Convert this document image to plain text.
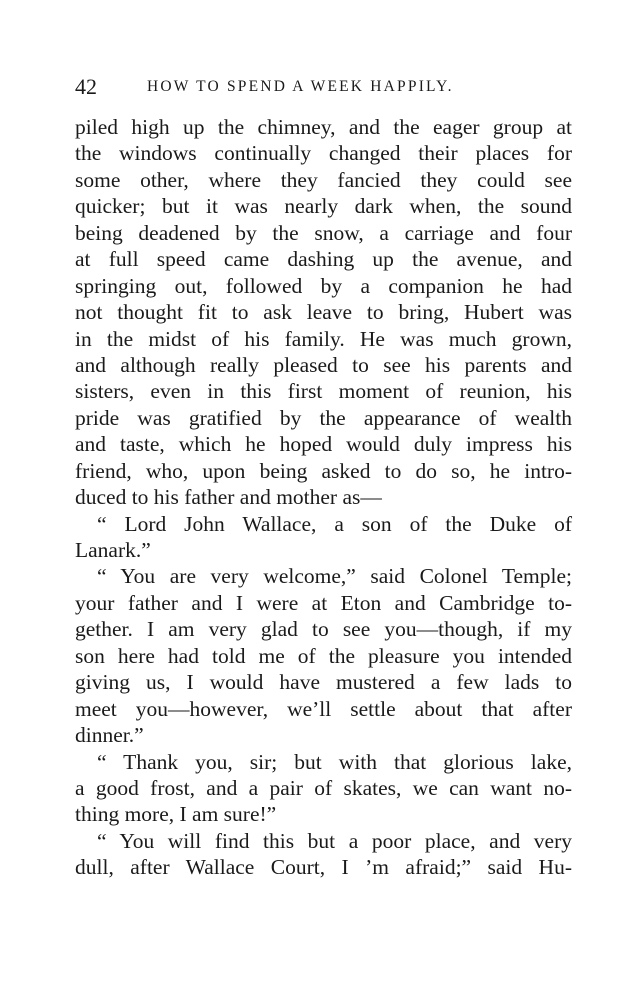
42	HOW TO SPEND A WEEK HAPPILY.
piled high up the chimney, and the eager group at
the windows continually changed their places for
some other, where they fancied they could see
quicker; but it was nearly dark when, the sound
being deadened by the snow, a carriage and four
at full speed came dashing up the avenue, and
springing out, followed by a companion he had
not thought fit to ask leave to bring, Hubert was
in the midst of his family. He was much grown,
and although really pleased to see his parents and
sisters, even in this first moment of reunion, his
pride was gratified by the appearance of wealth
and taste, which he hoped would duly impress his
friend, who, upon being asked to do so, he intro-
duced to his father and mother as—
“ Lord John Wallace, a son of the Duke of
Lanark.”
“ You are very welcome,” said Colonel Temple;
your father and I were at Eton and Cambridge to-
gether. I am very glad to see you—though, if my
son here had told me of the pleasure you intended
giving us, I would have mustered a few lads to
meet you—however, we’ll settle about that after
dinner.”
“ Thank you, sir; but with that glorious lake,
a good frost, and a pair of skates, we can want no-
thing more, I am sure!”
“ You will find this but a poor place, and very
dull, after Wallace Court, I ’m afraid;” said Hu-
